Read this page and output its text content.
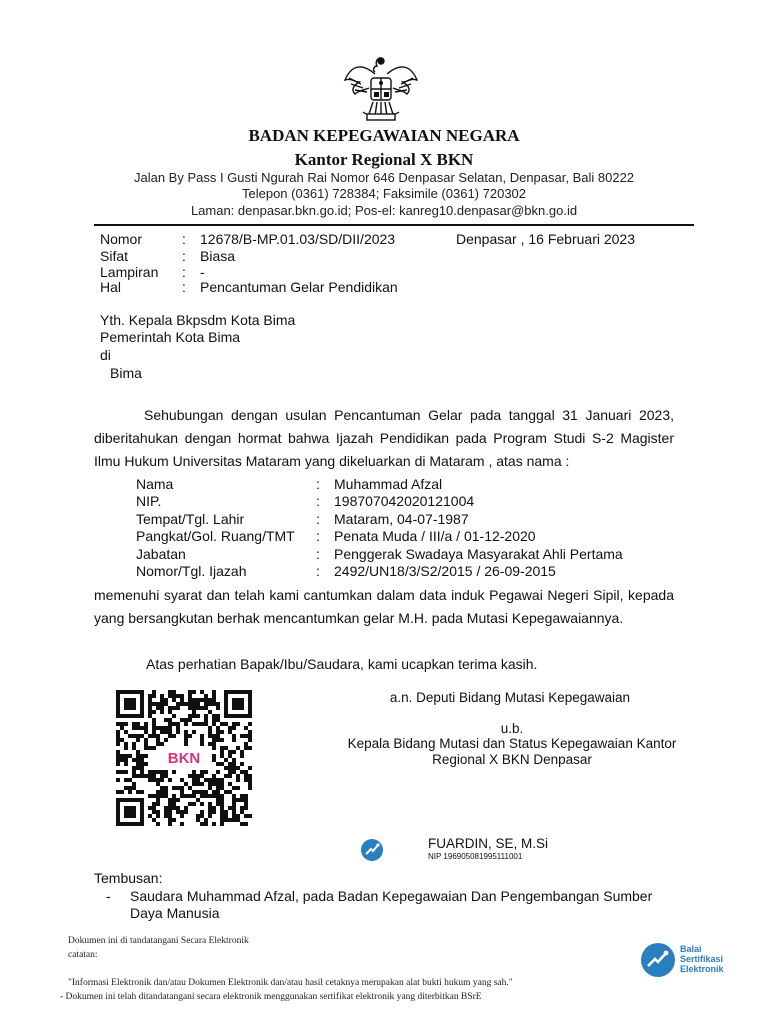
BADAN KEPEGAWAIAN NEGARA
Kantor Regional X BKN
Jalan By Pass I Gusti Ngurah Rai Nomor 646 Denpasar Selatan, Denpasar, Bali 80222
Telepon (0361) 728384; Faksimile (0361) 720302
Laman: denpasar.bkn.go.id; Pos-el: kanreg10.denpasar@bkn.go.id
Nomor	: 12678/B-MP.01.03/SD/DII/2023
Sifat	: Biasa
Lampiran	: -
Hal	: Pencantuman Gelar Pendidikan
Denpasar , 16 Februari 2023
Yth. Kepala Bkpsdm Kota Bima
Pemerintah Kota Bima
di
Bima
Sehubungan dengan usulan Pencantuman Gelar pada tanggal 31 Januari 2023, diberitahukan dengan hormat bahwa Ijazah Pendidikan pada Program Studi S-2 Magister Ilmu Hukum Universitas Mataram yang dikeluarkan di Mataram , atas nama :
Nama	: Muhammad Afzal
NIP.	: 198707042020121004
Tempat/Tgl. Lahir	: Mataram, 04-07-1987
Pangkat/Gol. Ruang/TMT : Penata Muda / III/a / 01-12-2020
Jabatan	: Penggerak Swadaya Masyarakat Ahli Pertama
Nomor/Tgl. Ijazah	: 2492/UN18/3/S2/2015 / 26-09-2015
memenuhi syarat dan telah kami cantumkan dalam data induk Pegawai Negeri Sipil, kepada yang bersangkutan berhak mencantumkan gelar M.H. pada Mutasi Kepegawaiannya.
Atas perhatian Bapak/Ibu/Saudara, kami ucapkan terima kasih.
BKN
a.n. Deputi Bidang Mutasi Kepegawaian
u.b.
Kepala Bidang Mutasi dan Status Kepegawaian Kantor
Regional X BKN Denpasar
FUARDIN, SE, M.Si
NIP 196905081995111001
Tembusan:
- Saudara Muhammad Afzal, pada Badan Kepegawaian Dan Pengembangan Sumber
Daya Manusia
Dokumen ini di tandatangani Secara Elektronik
catatan:
"Informasi Elektronik dan/atau Dokumen Elektronik dan/atau hasil cetaknya merupakan alat bukti hukum yang sah."
- Dokumen ini telah ditandatangani secara elektronik menggunakan sertifikat elektronik yang diterbitkan BSrE
Balai
Sertifikasi
Elektronik
